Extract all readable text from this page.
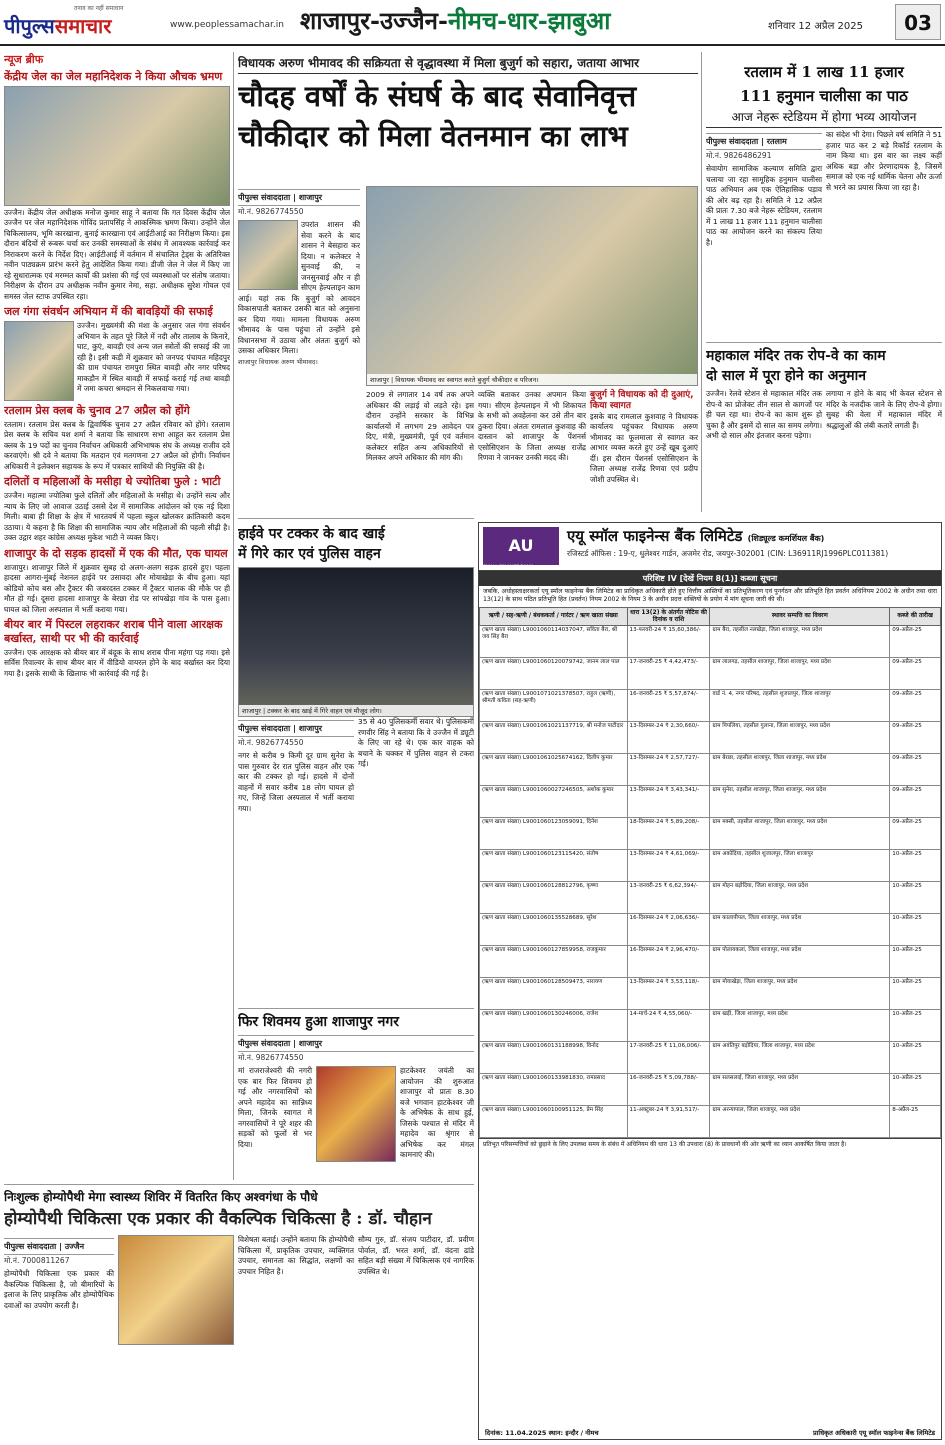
तनाव का नहीं समाधान
पीपुल्ससमाचार	www.peoplessamachar.in शाजापुर-उज्जैन-नीमच-धार-झाबुआ	शनिवार 12 अप्रैल 2025	03
न्यूज ब्रीफ
केंद्रीय जेल का जेल महानिदेशक ने किया औचक भ्रमण

उज्जैन। केंद्रीय जेल अधीक्षक मनोज कुमार साहू ने बताया कि गत दिवस केंद्रीय जेल उज्जैन पर जेल महानिदेशक गोविंद प्रतापसिंह ने आकस्मिक भ्रमण किया। उन्होंने जेल चिकित्सालय, भूमि कारखाना, बुनाई कारखाना एवं आईटीआई का निरीक्षण किया। इस दौरान बंदियों से रूबरू चर्चा कर उनकी समस्याओं के संबंध में आवश्यक कार्रवाई कर निराकरण करने के निर्देश दिए। आईटीआई में वर्तमान में संचालित ट्रेड्स के अतिरिक्त नवीन पाठ्यक्रम प्रारंभ करने हेतु आदेशित किया गया। डीजी जेल ने जेल में किए जा रहे सुधारात्मक एवं मरम्मत कार्यों की प्रशंसा की गई एवं व्यवस्थाओं पर संतोष जताया। निरीक्षण के दौरान उप अधीक्षक नवीन कुमार नेमा, सहा. अधीक्षक सुरेश गोयल एवं समस्त जेल स्टाफ उपस्थित रहा।

जल गंगा संवर्धन अभियान में की बावड़ियों की सफाई

उज्जैन। मुख्यमंत्री की मंशा के अनुसार जल गंगा संवर्धन अभियान के तहत पूरे जिले में नदी और तालाब के किनारे, घाट, कुएं, बावड़ी एवं अन्य जल स्त्रोतों की सफाई की जा रही है। इसी कड़ी में शुक्रवार को जनपद पंचायत महिदपुर की ग्राम पंचायत रामपुरा स्थित बावड़ी और नगर परिषद माकड़ौन में स्थित बावड़ी में सफाई कराई गई तथा बावड़ी में जमा कचरा श्रमदान से निकलवाया गया।

रतलाम प्रेस क्लब के चुनाव 27 अप्रैल को होंगे

रतलाम। रतलाम प्रेस क्लब के द्विवार्षिक चुनाव 27 अप्रैल रविवार को होंगे। रतलाम प्रेस क्लब के सचिव यश शर्मा ने बताया कि साधारण सभा आहूत कर रतलाम प्रेस क्लब के 19 पदों का चुनाव निर्वाचन अधिकारी अभिभाषक संघ के अध्यक्ष राजीव दवे करवाएंगे। श्री दवे ने बताया कि मतदान एवं मतगणना 27 अप्रैल को होगी। निर्वाचन अधिकारी ने इलेक्शन सहायक के रूप में पत्रकार साथियों की नियुक्ति की है।

दलितों व महिलाओं के मसीहा थे ज्योतिबा फुले : भाटी

उज्जैन। महात्मा ज्योतिबा फुले दलितों और महिलाओं के मसीहा थे। उन्होंने सत्य और न्याय के लिए जो आवाज उठाई उससे देश में सामाजिक आंदोलन को एक नई दिशा मिली। बाबा ही शिक्षा के क्षेत्र में भारतवर्ष में पहला स्कूल खोलकर क्रांतिकारी कदम उठाया। ये कहना है कि शिक्षा की सामाजिक न्याय और महिलाओं की पहली सीढ़ी है। उक्त उद्गार शहर कांग्रेस अध्यक्ष मुकेश भाटी ने व्यक्त किए।

शाजापुर के दो सड़क हादसों में एक की मौत, एक घायल

शाजापुर। शाजापुर जिले में शुक्रवार सुबह दो अलग-अलग सड़क हादसे हुए। पहला हादसा आगरा-मुंबई नेशनल हाईवे पर उसावदा और मोयाखेड़ा के बीच हुआ। यहां कोडियो कोच बस और ट्रैक्टर की जबरदस्त टक्कर में ट्रैक्टर चालक की मौके पर ही मौत हो गई। दूसरा हादसा शाजापुर के बेरछा रोड पर सांपखेड़ा गांव के पास हुआ। घायल को जिला अस्पताल में भर्ती कराया गया।

बीयर बार में पिस्टल लहराकर शराब पीने वाला आरक्षक बर्खास्त, साथी पर भी की कार्रवाई

उज्जैन। एक आरक्षक को बीयर बार में बंदूक के साथ शराब पीना महंगा पड़ गया। इसे सर्विस रिवाल्वर के साथ बीयर बार में वीडियो वायरल होने के बाद बर्खास्त कर दिया गया है। इसके साथी के खिलाफ भी कार्रवाई की गई है।

विधायक अरुण भीमावद की सक्रियता से वृद्धावस्था में मिला बुजुर्ग को सहारा, जताया आभार
चौदह वर्षों के संघर्ष के बाद सेवानिवृत्त
चौकीदार को मिला वेतनमान का लाभ
पीपुल्स संवाददाता | शाजापुर
मो.नं. 9826774550

उपरांत शासन की सेवा करने के बाद शासन ने बेसहारा कर दिया। न कलेक्टर ने सुनवाई की, न जनसुनवाई और न ही सीएम हेल्पलाइन काम आई। यहां तक कि बुजुर्ग को आवदन विकासपाती बताकर उसकी बात को अनुसना कर दिया गया। मामला विधायक अरुण भीमावद के पास पहुंचा तो उन्होंने इसे विधानसभा में उठाया और अंततः बुजुर्ग को उसका अधिकार मिला।

शाजापुर विधायक अरुण भीमावद।
शाजापुर | विधायक भीमावद का स्वागत करते बुजुर्ग चौकीदार व परिजन।

2009 से लगातार 14 वर्ष तक अपने अधिकार की लड़ाई वो लड़ते रहे। इस दौरान उन्होंने सरकार के विभिन्न कार्यालयों में लगभग 29 आवेदन पत्र दिए, मंत्री, मुख्यमंत्री, पूर्व एवं वर्तमान कलेक्टर सहित अन्य अधिकारियों से मिलकर अपने अधिकार की मांग की।

व्यक्ति बताकर उनका अपमान किया गया। सीएम हेल्पलाइन में भी शिकायत के सभी को अवहेलना कर उसे तीन बार ठुकरा दिया। अंततः रामलाल कुशवाह की दास्तान को शाजापुर के पेंशनर्स एसोसिएशन के जिला अध्यक्ष राजेंद्र रिणवा ने जानकर उनकी मदद की।

बुजुर्ग ने विधायक को दी दुआएं, किया स्वागत

इसके बाद रामलाल कुशवाह ने विधायक कार्यालय पहुंचकर विधायक अरुण भीमावद का फूलमाला से स्वागत कर आभार व्यक्त करते हुए उन्हें खूब दुआएं दीं। इस दौरान पेंशनर्स एसोसिएशन के जिला अध्यक्ष राजेंद्र रिणवा एवं प्रदीप जोशी उपस्थित थे।

रतलाम में 1 लाख 11 हजार
111 हनुमान चालीसा का पाठ
आज नेहरू स्टेडियम में होगा भव्य आयोजन
पीपुल्स संवाददाता | रतलाम
मो.नं. 9826486291

सेवायोग सामाजिक कल्याण समिति द्वारा चलाया जा रहा सामूहिक हनुमान चालीसा पाठ अभियान अब एक ऐतिहासिक पड़ाव की ओर बढ़ रहा है। समिति ने 12 अप्रैल की प्रातः 7.30 बजे नेहरू स्टेडियम, रतलाम में 1 लाख 11 हजार 111 हनुमान चालीसा पाठ का आयोजन करने का संकल्प लिया है।

का संदेश भी देगा। पिछले वर्ष समिति ने 51 हजार पाठ कर 2 बड़े रिकॉर्ड रतलाम के नाम किया था। इस बार का लक्ष्य कहीं अधिक बड़ा और प्रेरणादायक है, जिसमें समाज को एक नई धार्मिक चेतना और ऊर्जा से भरने का प्रयास किया जा रहा है।

महाकाल मंदिर तक रोप-वे का काम
दो साल में पूरा होने का अनुमान

उज्जैन। रेलवे स्टेशन से महाकाल मंदिर तक रोप-वे का प्रोजेक्ट तीन साल से कागजों पर ही चल रहा था। रोप-वे का काम शुरू हो चुका है और इसमें दो साल का समय लगेगा। अभी दो साल और इंतजार करना पड़ेगा।

लगाया न होने के बाद भी केवल स्टेशन से मंदिर के नजदीक जाने के लिए रोप-वे होगा। सुबह की वेला में महाकाल मंदिर में श्रद्धालुओं की लंबी कतारें लगती हैं।

हाईवे पर टक्कर के बाद खाई
में गिरे कार एवं पुलिस वाहन
शाजापुर | टक्कर के बाद खाई में गिरे वाहन एवं मौजूद लोग।
पीपुल्स संवाददाता | शाजापुर
मो.नं. 9826774550

नगर से करीब 9 किमी दूर ग्राम सुनेरा के पास गुरुवार देर रात पुलिस वाहन और एक कार की टक्कर हो गई। हादसे में दोनों वाहनों में सवार करीब 18 लोग घायल हो गए, जिन्हें जिला अस्पताल में भर्ती कराया गया।

35 से 40 पुलिसकर्मी सवार थे। पुलिसकर्मी रणवीर सिंह ने बताया कि वे उज्जैन में ड्यूटी के लिए जा रहे थे। एक कार वाहक को बचाने के चक्कर में पुलिस वाहन से टकरा गई।

फिर शिवमय हुआ शाजापुर नगर
पीपुल्स संवाददाता | शाजापुर
मो.नं. 9826774550

मां राजराजेश्वरी की नगरी एक बार फिर शिवमय हो गई और नगरवासियों को अपने महादेव का सान्निध्य मिला, जिनके स्वागत में नगरवासियों ने पूरे शहर की सड़कों को फूलों से भर दिया।

हाटकेश्वर जयंती का आयोजन की शुरुआत शाजापुर वो प्रातः 8.30 बजे भगवान हाटकेश्वर जी के अभिषेक के साथ हुई, जिसके पश्चात से मंदिर में महादेव का श्रृंगार से अभिषेक कर मंगल कामनाएं की।

निःशुल्क होम्योपैथी मेगा स्वास्थ्य शिविर में वितरित किए अश्वगंधा के पौधे
होम्योपैथी चिकित्सा एक प्रकार की वैकल्पिक चिकित्सा है : डॉ. चौहान
पीपुल्स संवाददाता | उज्जैन
मो.नं. 7000811267

होम्योपैथी चिकित्सा एक प्रकार की वैकल्पिक चिकित्सा है, जो बीमारियों के इलाज के लिए प्राकृतिक और होम्योपैथिक दवाओं का उपयोग करती है।

विशेषता बताई। उन्होंने बताया कि होम्योपैथी चिकित्सा में, प्राकृतिक उपचार, व्यक्तिगत उपचार, समानता का सिद्धांत, लक्षणों का उपचार निहित है।

सौम्य गुरु, डॉ. संजय पाटीदार, डॉ. प्रवीण पोर्वाल, डॉ. भरत शर्मा, डॉ. वंदना ढांडे सहित बड़ी संख्या में चिकित्सक एवं नागरिक उपस्थित थे।

AU	एयू स्मॉल फाइनेन्स बैंक लिमिटेड (शिड्यूल्ड कमर्शियल बैंक)
रजिस्टर्ड ऑफिस : 19-ए, धुलेश्वर गार्डन, अजमेर रोड, जयपुर-302001 (CIN: L36911RJ1996PLC011381)
SMALL FINANCE BANK
परिशिष्ट IV [देखें नियम 8(1)] कब्जा सूचना
जबकि, अधोहस्ताक्षरकर्ता एयू स्मॉल फाइनेन्स बैंक लिमिटेड का प्राधिकृत अधिकारी होते हुए वित्तीय आस्तियों का प्रतिभूतिकरण एवं पुनर्गठन और प्रतिभूति हित प्रवर्तन अधिनियम 2002 के अधीन तथा धारा 13(12) के साथ पठित प्रतिभूति हित (प्रवर्तन) नियम 2002 के नियम 3 के अधीन प्रदत्त शक्तियों के प्रयोग में मांग सूचना जारी की थी।
ऋणी / सह-ऋणी / बंधककर्ता / गारंटर / ऋण खाता संख्या	धारा 13(2) के अंतर्गत नोटिस की दिनांक व राशि	स्थावर सम्पत्ति का विवरण	कब्जे की तारीख
(ऋण खाता संख्या) L9001060114037047, सविता बैरा, श्री जय सिंह बैरा	13-फरवरी-24 ₹ 15,60,386/-	ग्राम बैरा, तहसील नलखेड़ा, जिला शाजापुर, मध्य प्रदेश	09-अप्रैल-25
(ऋण खाता संख्या) L9001060120079742, जानम लाल पाल	17-जनवरी-25 ₹ 4,42,473/-	ग्राम लालगढ़, तहसील शाजापुर, जिला शाजापुर, मध्य प्रदेश	09-अप्रैल-25
(ऋण खाता संख्या) L9001071021378507, राहुल (ऋणी), श्रीमती कविता (सह-ऋणी)	16-जनवरी-25 ₹ 5,57,874/-	वार्ड नं. 4, नगर परिषद, तहसील शुजालपुर, जिला शाजापुर	09-अप्रैल-25
(ऋण खाता संख्या) L9001061021137719, श्री मनोज पाटीदार	13-दिसम्बर-24 ₹ 2,30,660/-	ग्राम पिपलिया, तहसील गुलाना, जिला शाजापुर, मध्य प्रदेश	09-अप्रैल-25
(ऋण खाता संख्या) L9001061025674162, दिलीप कुमार	13-दिसम्बर-24 ₹ 2,57,727/-	ग्राम बेरछा, तहसील शाजापुर, जिला शाजापुर, मध्य प्रदेश	09-अप्रैल-25
(ऋण खाता संख्या) L9001060027246505, अशोक कुमार	13-दिसम्बर-24 ₹ 3,43,341/-	ग्राम सुनेरा, तहसील शाजापुर, जिला शाजापुर, मध्य प्रदेश	09-अप्रैल-25
(ऋण खाता संख्या) L9001060123059091, दिनेश	18-दिसम्बर-24 ₹ 5,89,208/-	ग्राम मक्सी, तहसील शाजापुर, जिला शाजापुर, मध्य प्रदेश	09-अप्रैल-25
(ऋण खाता संख्या) L9001060123115420, संतोष	13-दिसम्बर-24 ₹ 4,61,069/-	ग्राम अकोदिया, तहसील शुजालपुर, जिला शाजापुर	10-अप्रैल-25
(ऋण खाता संख्या) L9001060128812796, कृष्णा	13-जनवरी-25 ₹ 6,62,394/-	ग्राम मोहन बड़ोदिया, जिला शाजापुर, मध्य प्रदेश	10-अप्रैल-25
(ऋण खाता संख्या) L9001060135528689, सुरेश	16-दिसम्बर-24 ₹ 2,06,636/-	ग्राम कालापीपल, जिला शाजापुर, मध्य प्रदेश	10-अप्रैल-25
(ऋण खाता संख्या) L9001060127859958, राजकुमार	16-दिसम्बर-24 ₹ 2,96,470/-	ग्राम पोलायकलां, जिला शाजापुर, मध्य प्रदेश	10-अप्रैल-25
(ऋण खाता संख्या) L9001060128509473, नारायण	13-दिसम्बर-24 ₹ 3,53,118/-	ग्राम मोयाखेड़ा, जिला शाजापुर, मध्य प्रदेश	10-अप्रैल-25
(ऋण खाता संख्या) L9001060130246006, राजेश	14-मार्च-24 ₹ 4,55,060/-	ग्राम खड़ी, जिला शाजापुर, मध्य प्रदेश	10-अप्रैल-25
(ऋण खाता संख्या) L9001060131188998, विनोद	17-जनवरी-25 ₹ 11,06,006/-	ग्राम अवंतिपुर बड़ोदिया, जिला शाजापुर, मध्य प्रदेश	10-अप्रैल-25
(ऋण खाता संख्या) L9001060133981830, रामप्रसाद	16-जनवरी-25 ₹ 5,09,788/-	ग्राम सलसलाई, जिला शाजापुर, मध्य प्रदेश	10-अप्रैल-25
(ऋण खाता संख्या) L9001060100951125, प्रेम सिंह	11-अक्टूबर-24 ₹ 3,91,517/-	ग्राम अरन्यापाल, जिला शाजापुर, मध्य प्रदेश	8-अप्रैल-25
प्रतिभूत परिसम्पत्तियों को छुड़ाने के लिए उपलब्ध समय के संबंध में अधिनियम की धारा 13 की उपधारा (8) के प्रावधानों की ओर ऋणी का ध्यान आकर्षित किया जाता है।
दिनांक: 11.04.2025 स्थान: इन्दौर / नीमच	प्राधिकृत अधिकारी एयू स्मॉल फाइनेन्स बैंक लिमिटेड
